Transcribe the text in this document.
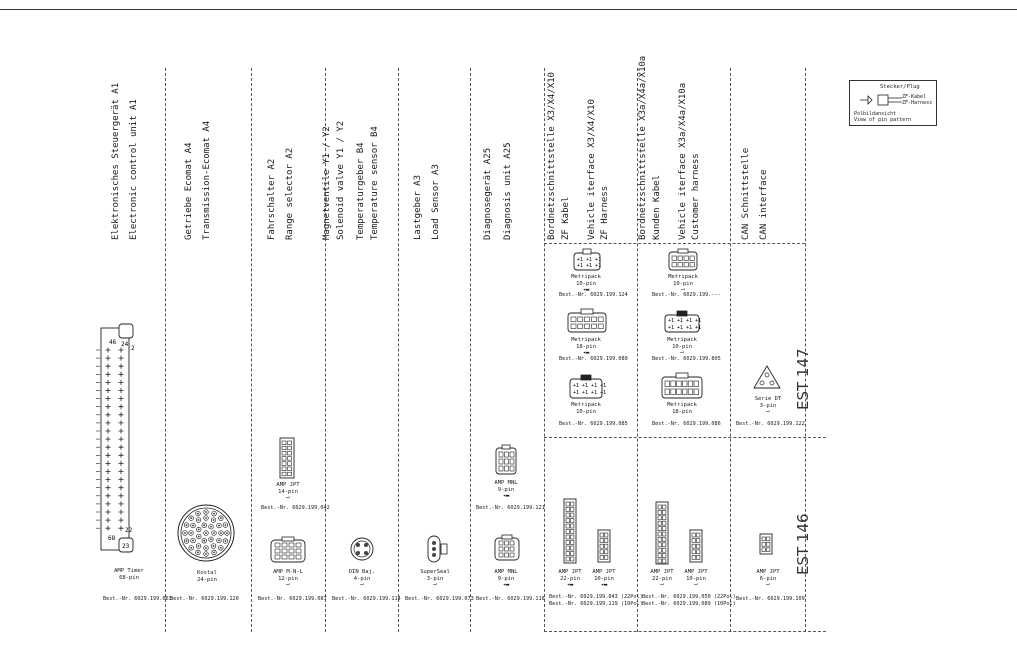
Elektronisches Steuergerät A1 Electronic control unit A1	Getriebe Ecomat A4 Transmission-Ecomat A4	Fahrschalter A2 Range selector A2	Magnetventile Y1 / Y2 Solenoid valve Y1 / Y2 Temperaturgeber B4 Temperature sensor B4	Lastgeber A3 Load Sensor A3	Diagnosegerät A25 Diagnosis unit A25	Bordnetzschnittstelle X3/X4/X10 ZF Kabel Vehicle iterface X3/X4/X10 ZF Harness	Bordnetzschnittstelle X3a/X4a/X10a Kunden Kabel Vehicle iterface X3a/X4a/X10a Customer harness	CAN Schnittstelle CAN interface
EST 147
EST 146
24
2
46
22
68
23
AMP Timer
68-pin
Best.-Nr. 6029.199.063
Kostal
24-pin
Best.-Nr. 6029.199.120
AMP JPT
14-pin
⤙
Best.-Nr. 6029.199.042
AMP M-N-L
12-pin
⤙
Best.-Nr. 6029.199.087
DIN Baj.
4-pin
⤙
Best.-Nr. 6029.199.114
SuperSeal
3-pin
⤙
Best.-Nr. 6029.199.073
AMP MNL
9-pin
◂▬
Best.-Nr. 6029.199.121
AMP MNL
9-pin
◂▬
Best.-Nr. 6029.199.118
+1 +1 +1
+1 +1 +1
Metripack
10-pin
◂▬
Best.-Nr. 6029.199.124
Metripack
18-pin
◂▬
Best.-Nr. 6029.199.080
+1 +1 +1 +1
+1 +1 +1 +1
Metripack
10-pin
Best.-Nr. 6029.199.085
AMP JPT
22-pin
◂▬
AMP JPT
10-pin
◂▬
Best.-Nr. 6029.199.043 (22Pol)
Best.-Nr. 6029.199.119 (10Pol)
Metripack
10-pin
⤙
Best.-Nr. 6029.199.---
+1 +1 +1 +1
+1 +1 +1 +1
Metripack
10-pin
⤙
Best.-Nr. 6029.199.805
Metripack
18-pin
Best.-Nr. 6029.199.086
AMP JPT
22-pin
⤙
AMP JPT
10-pin
⤙
Best.-Nr. 6029.199.050 (22Pol)
Best.-Nr. 6029.199.089 (10Pol)
Serie DT
3-pin
⤙
Best.-Nr. 6029.199.122
AMP JPT
6-pin
⤙
Best.-Nr. 6029.199.109
Stecker/Plug
ZF-Kabel
ZF-Harness
Polbildansicht
View of pin pattern
